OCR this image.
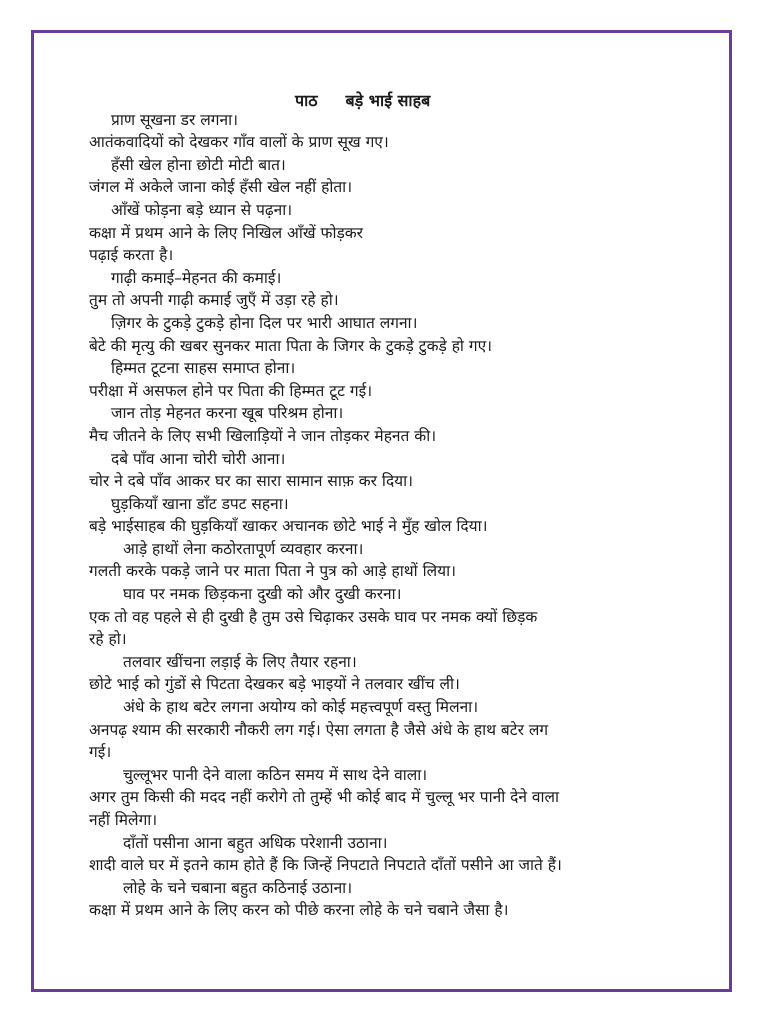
पाठ बड़े भाई साहब
प्राण सूखना डर लगना।
आतंकवादियों को देखकर गाँव वालों के प्राण सूख गए।
हँसी खेल होना छोटी मोटी बात।
जंगल में अकेले जाना कोई हँसी खेल नहीं होता।
आँखें फोड़ना बड़े ध्यान से पढ़ना।
कक्षा में प्रथम आने के लिए निखिल आँखें फोड़कर
पढ़ाई करता है।
गाढ़ी कमाई–मेहनत की कमाई।
तुम तो अपनी गाढ़ी कमाई जुएँ में उड़ा रहे हो।
ज़िगर के टुकड़े टुकड़े होना दिल पर भारी आघात लगना।
बेटे की मृत्यु की खबर सुनकर माता पिता के जिगर के टुकड़े टुकड़े हो गए।
हिम्मत टूटना साहस समाप्त होना।
परीक्षा में असफल होने पर पिता की हिम्मत टूट गई।
जान तोड़ मेहनत करना खूब परिश्रम होना।
मैच जीतने के लिए सभी खिलाड़ियों ने जान तोड़कर मेहनत की।
दबे पाँव आना चोरी चोरी आना।
चोर ने दबे पाँव आकर घर का सारा सामान साफ़ कर दिया।
घुड़कियाँ खाना डाँट डपट सहना।
बड़े भाईसाहब की घुड़कियाँ खाकर अचानक छोटे भाई ने मुँह खोल दिया।
आड़े हाथों लेना कठोरतापूर्ण व्यवहार करना।
गलती करके पकड़े जाने पर माता पिता ने पुत्र को आड़े हाथों लिया।
घाव पर नमक छिड़कना दुखी को और दुखी करना।
एक तो वह पहले से ही दुखी है तुम उसे चिढ़ाकर उसके घाव पर नमक क्यों छिड़क
रहे हो।
तलवार खींचना लड़ाई के लिए तैयार रहना।
छोटे भाई को गुंडों से पिटता देखकर बड़े भाइयों ने तलवार खींच ली।
अंधे के हाथ बटेर लगना अयोग्य को कोई महत्त्वपूर्ण वस्तु मिलना।
अनपढ़ श्याम की सरकारी नौकरी लग गई। ऐसा लगता है जैसे अंधे के हाथ बटेर लग
गई।
चुल्लूभर पानी देने वाला कठिन समय में साथ देने वाला।
अगर तुम किसी की मदद नहीं करोगे तो तुम्हें भी कोई बाद में चुल्लू भर पानी देने वाला
नहीं मिलेगा।
दाँतों पसीना आना बहुत अधिक परेशानी उठाना।
शादी वाले घर में इतने काम होते हैं कि जिन्हें निपटाते निपटाते दाँतों पसीने आ जाते हैं।
लोहे के चने चबाना बहुत कठिनाई उठाना।
कक्षा में प्रथम आने के लिए करन को पीछे करना लोहे के चने चबाने जैसा है।
